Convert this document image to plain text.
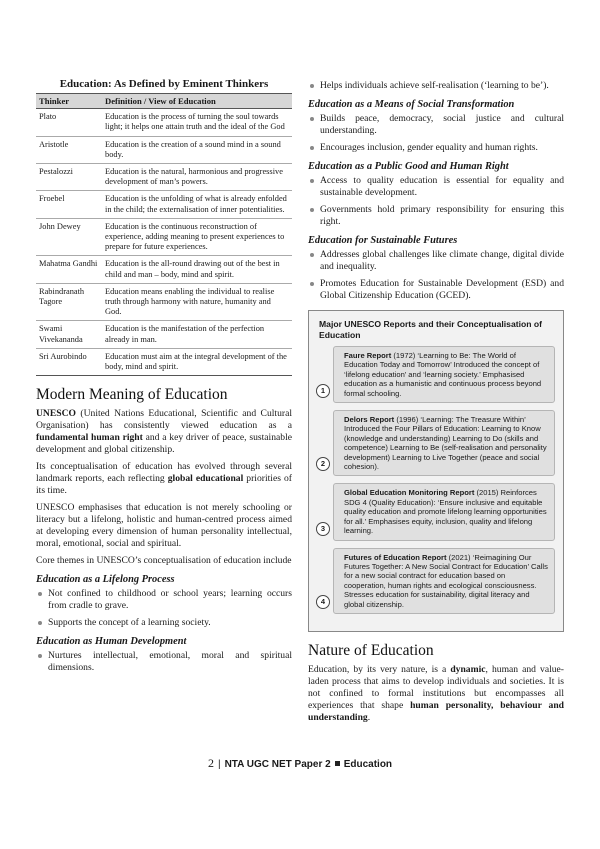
Education: As Defined by Eminent Thinkers
Thinker	Definition / View of Education
Plato	Education is the process of turning the soul towards light; it helps one attain truth and the ideal of the God
Aristotle	Education is the creation of a sound mind in a sound body.
Pestalozzi	Education is the natural, harmonious and progressive development of man’s powers.
Froebel	Education is the unfolding of what is already enfolded in the child; the externalisation of inner potentialities.
John Dewey	Education is the continuous reconstruction of experience, adding meaning to present experiences to prepare for future experiences.
Mahatma Gandhi	Education is the all-round drawing out of the best in child and man – body, mind and spirit.
Rabindranath Tagore	Education means enabling the individual to realise truth through harmony with nature, humanity and God.
Swami Vivekananda	Education is the manifestation of the perfection already in man.
Sri Aurobindo	Education must aim at the integral development of the body, mind and spirit.
Modern Meaning of Education

UNESCO (United Nations Educational, Scientific and Cultural Organisation) has consistently viewed education as a fundamental human right and a key driver of peace, sustainable development and global citizenship.

Its conceptualisation of education has evolved through several landmark reports, each reflecting global educational priorities of its time.

UNESCO emphasises that education is not merely schooling or literacy but a lifelong, holistic and human-centred process aimed at developing every dimension of human personality intellectual, moral, emotional, social and spiritual.

Core themes in UNESCO’s conceptualisation of education include

Education as a Lifelong Process
Not confined to childhood or school years; learning occurs from cradle to grave.
Supports the concept of a learning society.
Education as Human Development
Nurtures intellectual, emotional, moral and spiritual dimensions.
Helps individuals achieve self-realisation (‘learning to be’).
Education as a Means of Social Transformation
Builds peace, democracy, social justice and cultural understanding.
Encourages inclusion, gender equality and human rights.
Education as a Public Good and Human Right
Access to quality education is essential for equality and sustainable development.
Governments hold primary responsibility for ensuring this right.
Education for Sustainable Futures
Addresses global challenges like climate change, digital divide and inequality.
Promotes Education for Sustainable Development (ESD) and Global Citizenship Education (GCED).
Major UNESCO Reports and their Conceptualisation of Education
1
Faure Report (1972) ‘Learning to Be: The World of Education Today and Tomorrow’ Introduced the concept of ‘lifelong education’ and ‘learning society.’ Emphasised education as a humanistic and continuous process beyond formal schooling.
2
Delors Report (1996) ‘Learning: The Treasure Within’ Introduced the Four Pillars of Education: Learning to Know (knowledge and understanding) Learning to Do (skills and competence) Learning to Be (self-realisation and personality development) Learning to Live Together (peace and social cohesion).
3
Global Education Monitoring Report (2015) Reinforces SDG 4 (Quality Education): ‘Ensure inclusive and equitable quality education and promote lifelong learning opportunities for all.’ Emphasises equity, inclusion, quality and lifelong learning.
4
Futures of Education Report (2021) ‘Reimagining Our Futures Together: A New Social Contract for Education’ Calls for a new social contract for education based on cooperation, human rights and ecological consciousness. Stresses education for sustainability, digital literacy and global citizenship.
Nature of Education

Education, by its very nature, is a dynamic, human and value-laden process that aims to develop individuals and societies. It is not confined to formal institutions but encompasses all experiences that shape human personality, behaviour and understanding.

2 | NTA UGC NET Paper 2 Education
